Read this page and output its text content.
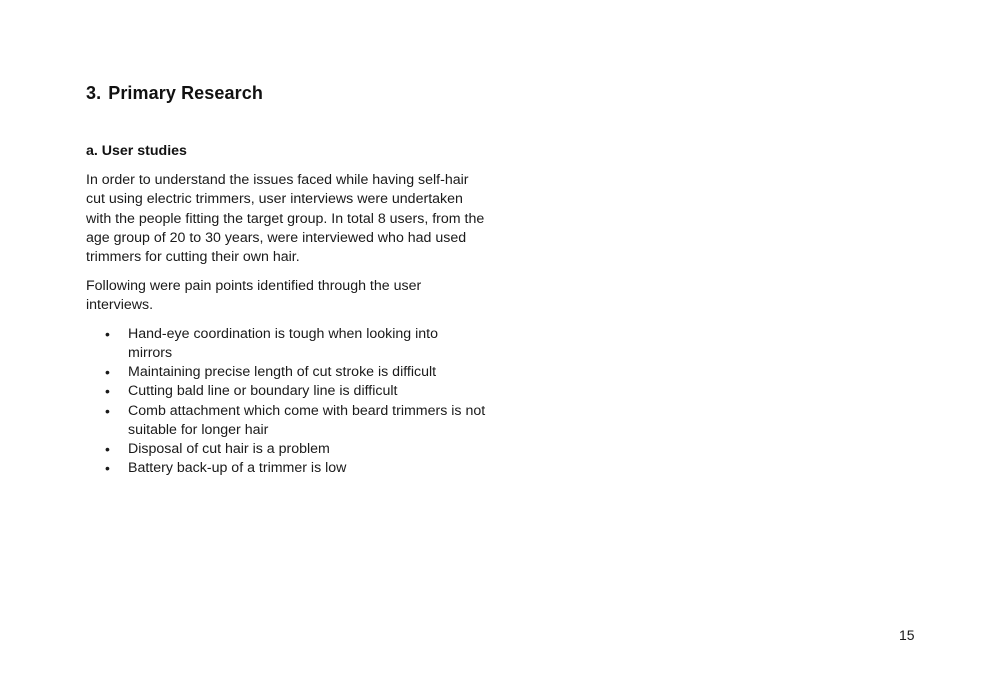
3. Primary Research
a. User studies

In order to understand the issues faced while having self-hair cut using electric trimmers, user interviews were undertaken with the people fitting the target group. In total 8 users, from the age group of 20 to 30 years, were interviewed who had used trimmers for cutting their own hair.

Following were pain points identified through the user interviews.

• Hand-eye coordination is tough when looking into mirrors
• Maintaining precise length of cut stroke is difficult
• Cutting bald line or boundary line is difficult
• Comb attachment which come with beard trimmers is not suitable for longer hair
• Disposal of cut hair is a problem
• Battery back-up of a trimmer is low
15
